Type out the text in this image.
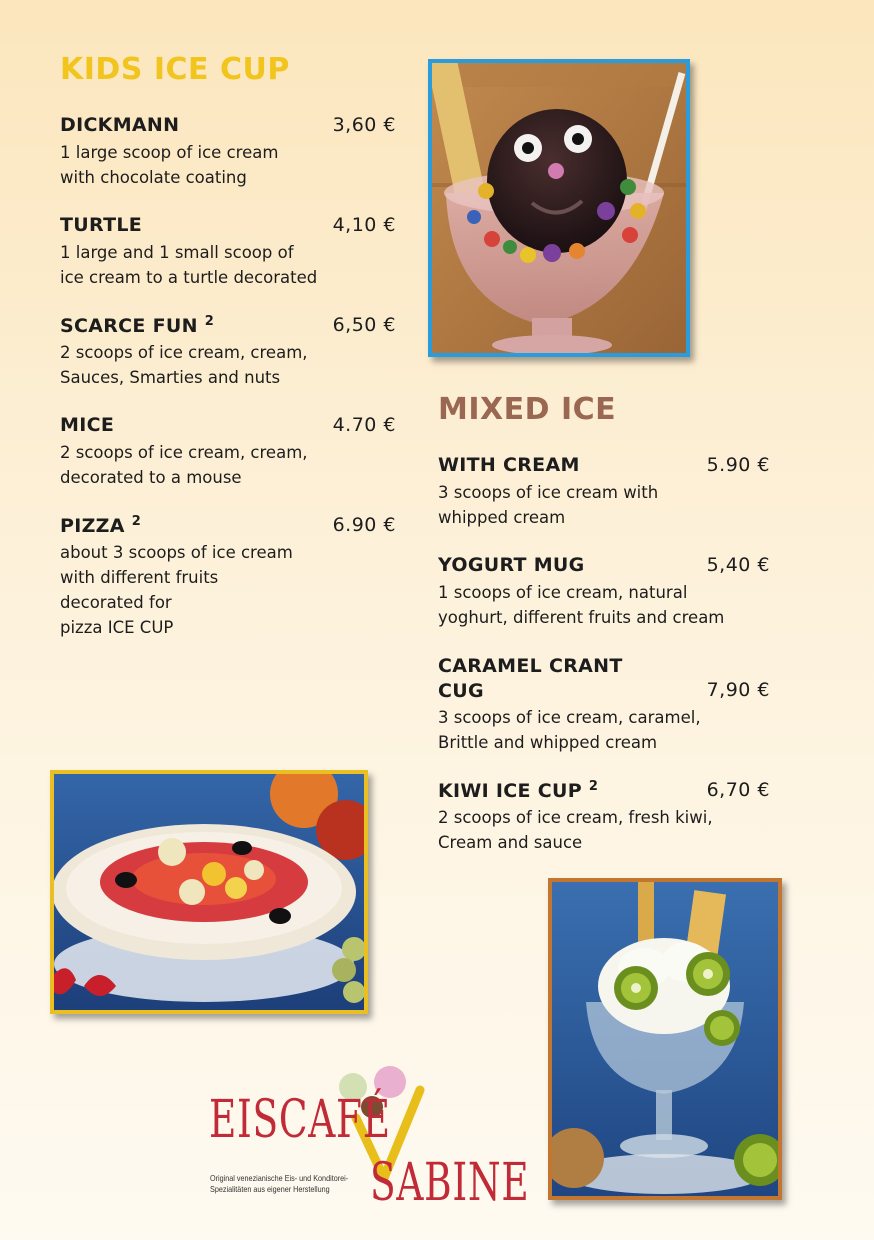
KIDS ICE CUP
DICKMANN	3,60 €
1 large scoop of ice cream
with chocolate coating
TURTLE	4,10 €
1 large and 1 small scoop of
ice cream to a turtle decorated
SCARCE FUN $^2$	6,50 €
2 scoops of ice cream, cream,
Sauces, Smarties and nuts
MICE	4.70 €
2 scoops of ice cream, cream,
decorated to a mouse
PIZZA $^2$	6.90 €
about 3 scoops of ice cream
with different fruits
decorated for
pizza ICE CUP
MIXED ICE
WITH CREAM	5.90 €
3 scoops of ice cream with
whipped cream
YOGURT MUG	5,40 €
1 scoops of ice cream, natural
yoghurt, different fruits and cream
CARAMEL CRANT
CUG	7,90 €
3 scoops of ice cream, caramel,
Brittle and whipped cream
KIWI ICE CUP $^2$	6,70 €
2 scoops of ice cream, fresh kiwi,
Cream and sauce
EISCAFÉ
SABINE
Original venezianische Eis- und Konditorei-
Spezialitäten aus eigener Herstellung
